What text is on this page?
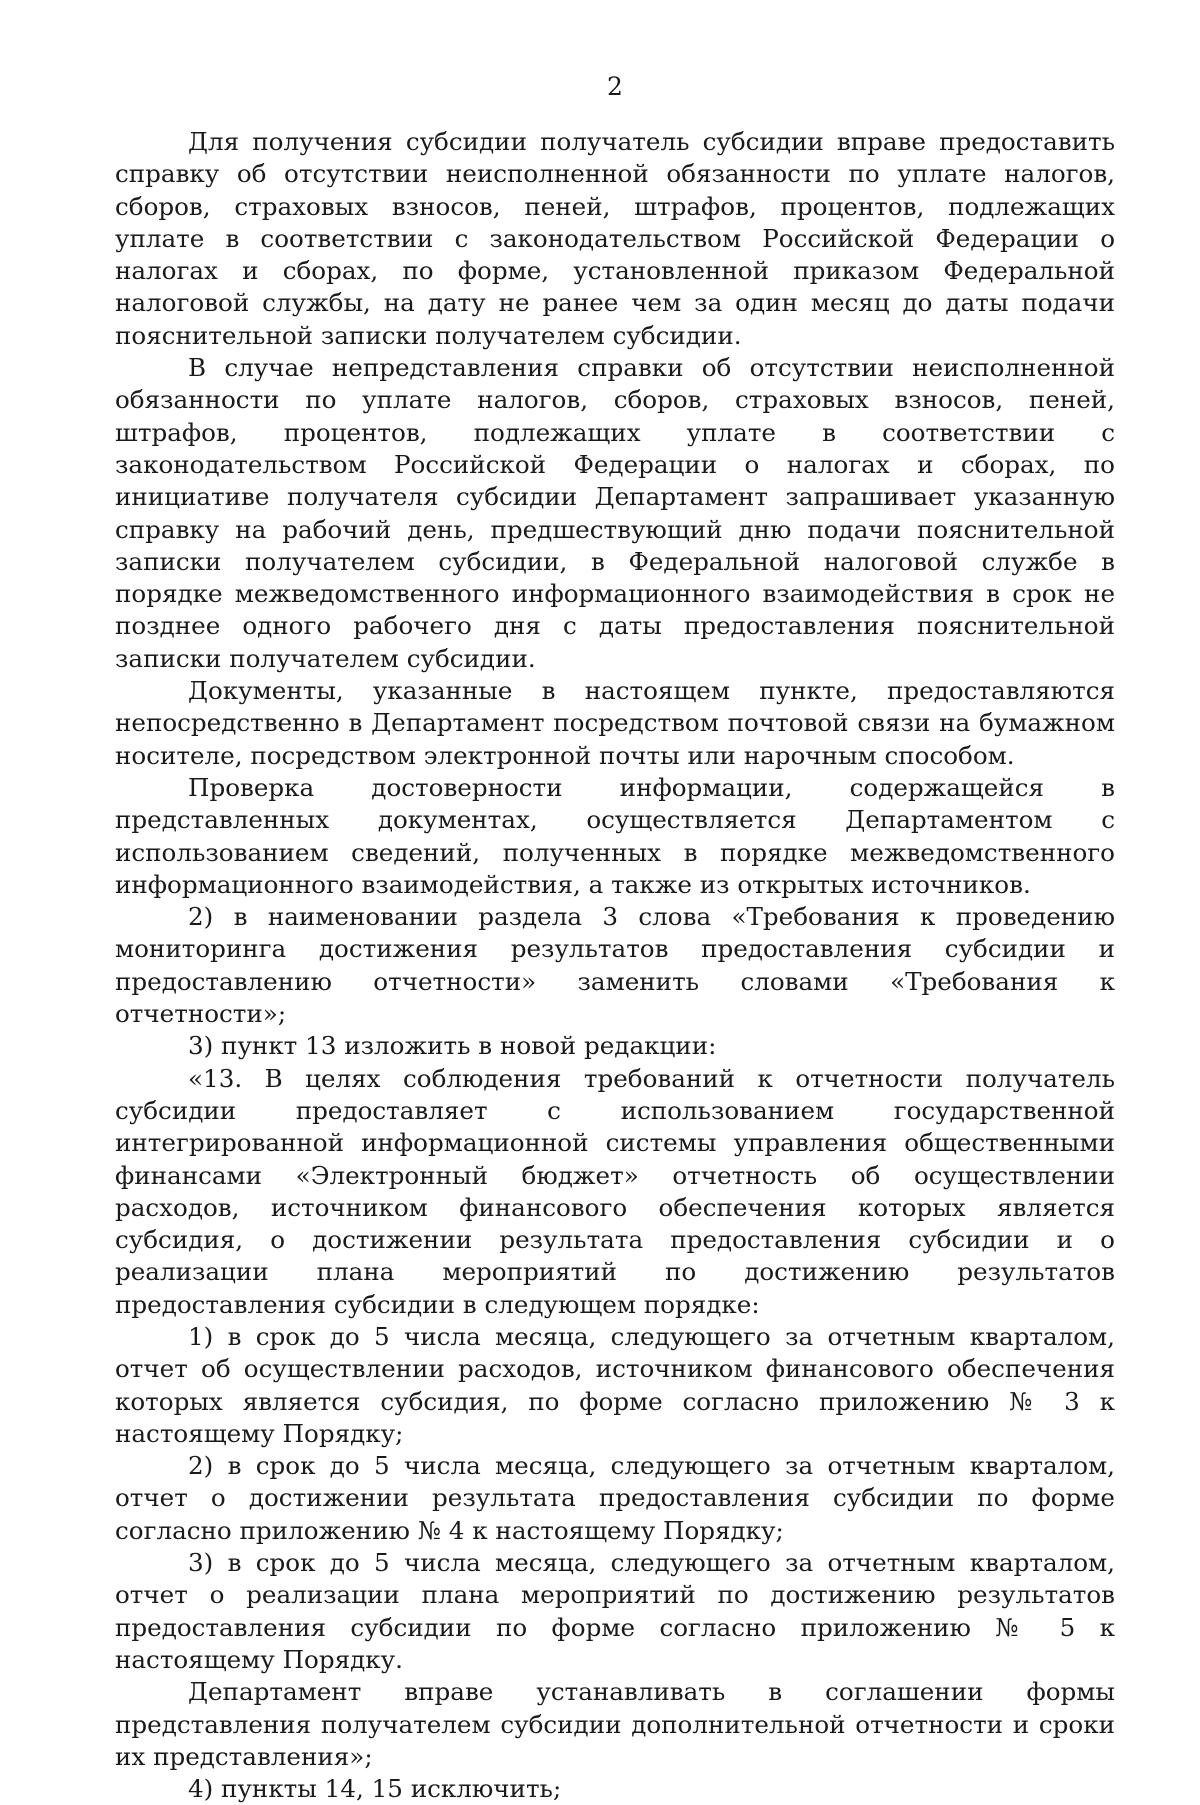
2

Для получения субсидии получатель субсидии вправе предоставить справку об отсутствии неисполненной обязанности по уплате налогов, сборов, страховых взносов, пеней, штрафов, процентов, подлежащих уплате в соответствии с законодательством Российской Федерации о налогах и сборах, по форме, установленной приказом Федеральной налоговой службы, на дату не ранее чем за один месяц до даты подачи пояснительной записки получателем субсидии.

В случае непредставления справки об отсутствии неисполненной обязанности по уплате налогов, сборов, страховых взносов, пеней, штрафов, процентов, подлежащих уплате в соответствии с законодательством Российской Федерации о налогах и сборах, по инициативе получателя субсидии Департамент запрашивает указанную справку на рабочий день, предшествующий дню подачи пояснительной записки получателем субсидии, в Федеральной налоговой службе в порядке межведомственного информационного взаимодействия в срок не позднее одного рабочего дня с даты предоставления пояснительной записки получателем субсидии.

Документы, указанные в настоящем пункте, предоставляются непосредственно в Департамент посредством почтовой связи на бумажном носителе, посредством электронной почты или нарочным способом.

Проверка достоверности информации, содержащейся в представленных документах, осуществляется Департаментом с использованием сведений, полученных в порядке межведомственного информационного взаимодействия, а также из открытых источников.

2) в наименовании раздела 3 слова «Требования к проведению мониторинга достижения результатов предоставления субсидии и предоставлению отчетности» заменить словами «Требования к отчетности»;

3) пункт 13 изложить в новой редакции:

«13. В целях соблюдения требований к отчетности получатель субсидии предоставляет с использованием государственной интегрированной информационной системы управления общественными финансами «Электронный бюджет» отчетность об осуществлении расходов, источником финансового обеспечения которых является субсидия, о достижении результата предоставления субсидии и о реализации плана мероприятий по достижению результатов предоставления субсидии в следующем порядке:

1) в срок до 5 числа месяца, следующего за отчетным кварталом, отчет об осуществлении расходов, источником финансового обеспечения которых является субсидия, по форме согласно приложению № 3 к настоящему Порядку;

2) в срок до 5 числа месяца, следующего за отчетным кварталом, отчет о достижении результата предоставления субсидии по форме согласно приложению № 4 к настоящему Порядку;

3) в срок до 5 числа месяца, следующего за отчетным кварталом, отчет о реализации плана мероприятий по достижению результатов предоставления субсидии по форме согласно приложению № 5 к настоящему Порядку.

Департамент вправе устанавливать в соглашении формы представления получателем субсидии дополнительной отчетности и сроки их представления»;

4) пункты 14, 15 исключить;
